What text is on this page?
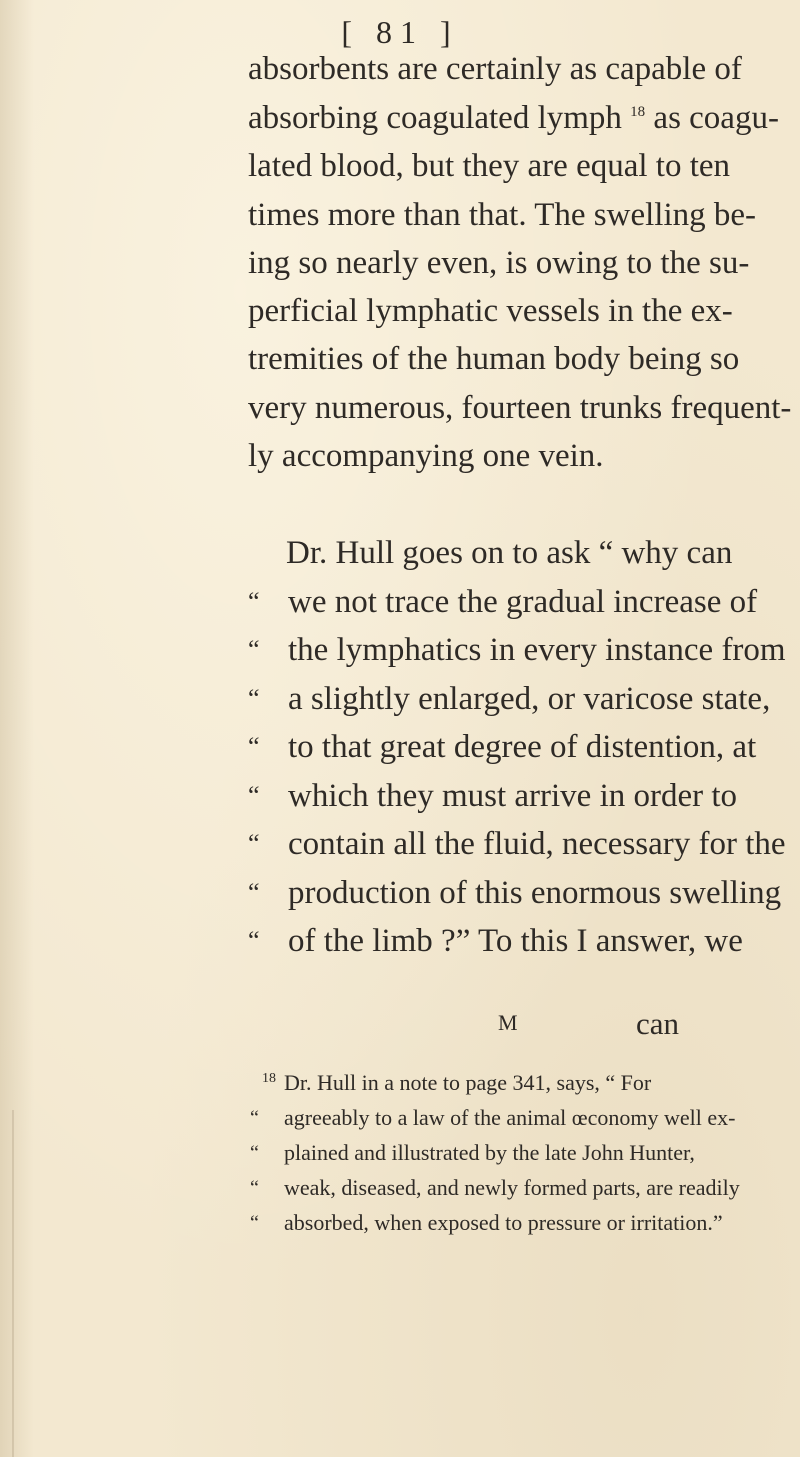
[ 81 ]
absorbents are certainly as capable of
absorbing coagulated lymph $^{18}$ as coagu-
lated blood, but they are equal to ten
times more than that. The swelling be-
ing so nearly even, is owing to the su-
perficial lymphatic vessels in the ex-
tremities of the human body being so
very numerous, fourteen trunks frequent-
ly accompanying one vein.
Dr. Hull goes on to ask “ why can
“ we not trace the gradual increase of
“ the lymphatics in every instance from
“ a slightly enlarged, or varicose state,
“ to that great degree of distention, at
“ which they must arrive in order to
“ contain all the fluid, necessary for the
“ production of this enormous swelling
“ of the limb ?” To this I answer, we
M	can
$^{18}$ Dr. Hull in a note to page 341, says, “ For
“	agreeably to a law of the animal œconomy well ex-
“	plained and illustrated by the late John Hunter,
“	weak, diseased, and newly formed parts, are readily
“	absorbed, when exposed to pressure or irritation.”
